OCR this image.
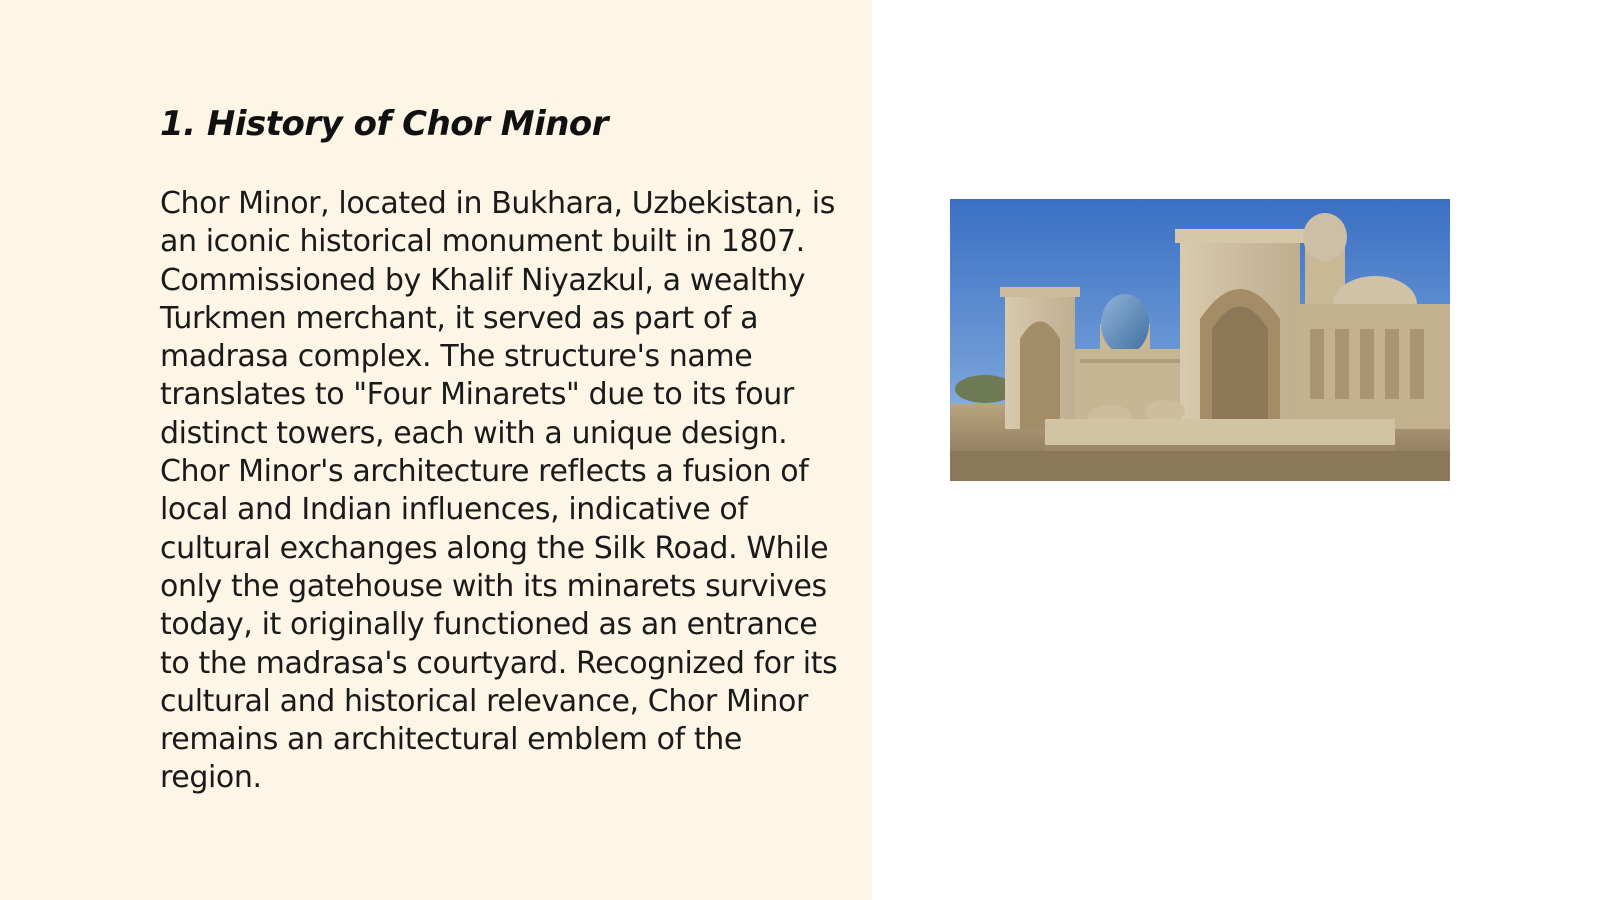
1. History of Chor Minor

Chor Minor, located in Bukhara, Uzbekistan, is an iconic historical monument built in 1807. Commissioned by Khalif Niyazkul, a wealthy Turkmen merchant, it served as part of a madrasa complex. The structure's name translates to "Four Minarets" due to its four distinct towers, each with a unique design. Chor Minor's architecture reflects a fusion of local and Indian influences, indicative of cultural exchanges along the Silk Road. While only the gatehouse with its minarets survives today, it originally functioned as an entrance to the madrasa's courtyard. Recognized for its cultural and historical relevance, Chor Minor remains an architectural emblem of the region.
